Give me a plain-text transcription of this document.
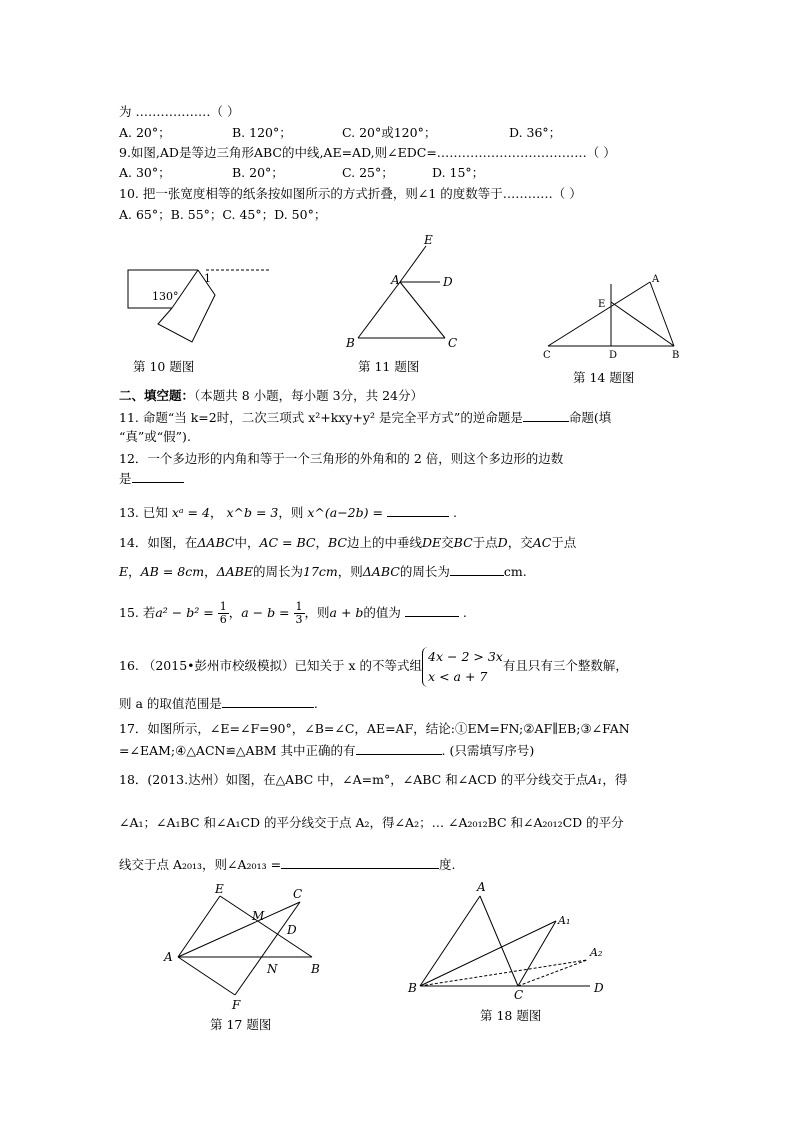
为 ………………（ ）
A. 20°；	B. 120°；	C. 20°或120°；	D. 36°；
9.如图,AD是等边三角形ABC的中线,AE=AD,则∠EDC=………………………………（ ）
A. 30°；	B. 20°；	C. 25°；	D. 15°；
10. 把一张宽度相等的纸条按如图所示的方式折叠，则∠1 的度数等于…………（ ）
A. 65°；B. 55°；C. 45°；D. 50°；
130°
1
第 10 题图
E
A	D
B	C
第 11 题图
A
E
C	D	B
第 14 题图
二、填空题：（本题共 8 小题，每小题 3分，共 24分）
11. 命题“当 k=2时，二次三项式 x²+kxy+y² 是完全平方式”的逆命题是	命题(填
“真”或“假”).
12．一个多边形的内角和等于一个三角形的外角和的 2 倍，则这个多边形的边数
是
13. 已知 xᵃ = 4， x^b = 3，则 x^(a−2b) =	.
14．如图，在ΔABC中，AC = BC，BC边上的中垂线DE交BC于点D，交AC于点
E，AB = 8cm，ΔABE的周长为17cm，则ΔABC的周长为	cm.
15. 若$a^2 - b^2 = \frac{1}{6}$ ，$a - b = \frac{1}{3}$ ，则a + b的值为	.
16. （2015•彭州市校级模拟）已知关于 x 的不等式组
4x − 2 > 3x
x < a + 7
有且只有三个整数解，
则 a 的取值范围是	.
17．如图所示，∠E=∠F=90°，∠B=∠C，AE=AF，结论:①EM=FN;②AF∥EB;③∠FAN
=∠EAM;④△ACN≌△ABM 其中正确的有	. (只需填写序号)
18．(2013.达州）如图，在△ABC 中，∠A=m°，∠ABC 和∠ACD 的平分线交于点A₁，得
∠A₁；∠A₁BC 和∠A₁CD 的平分线交于点 A₂，得∠A₂；… ∠A₂₀₁₂BC 和∠A₂₀₁₂CD 的平分
线交于点 A₂₀₁₃，则∠A₂₀₁₃ =	度.
E	C
M
D
A
N	B
F
第 17 题图
A
A₁
A₂
B	C	D
第 18 题图
